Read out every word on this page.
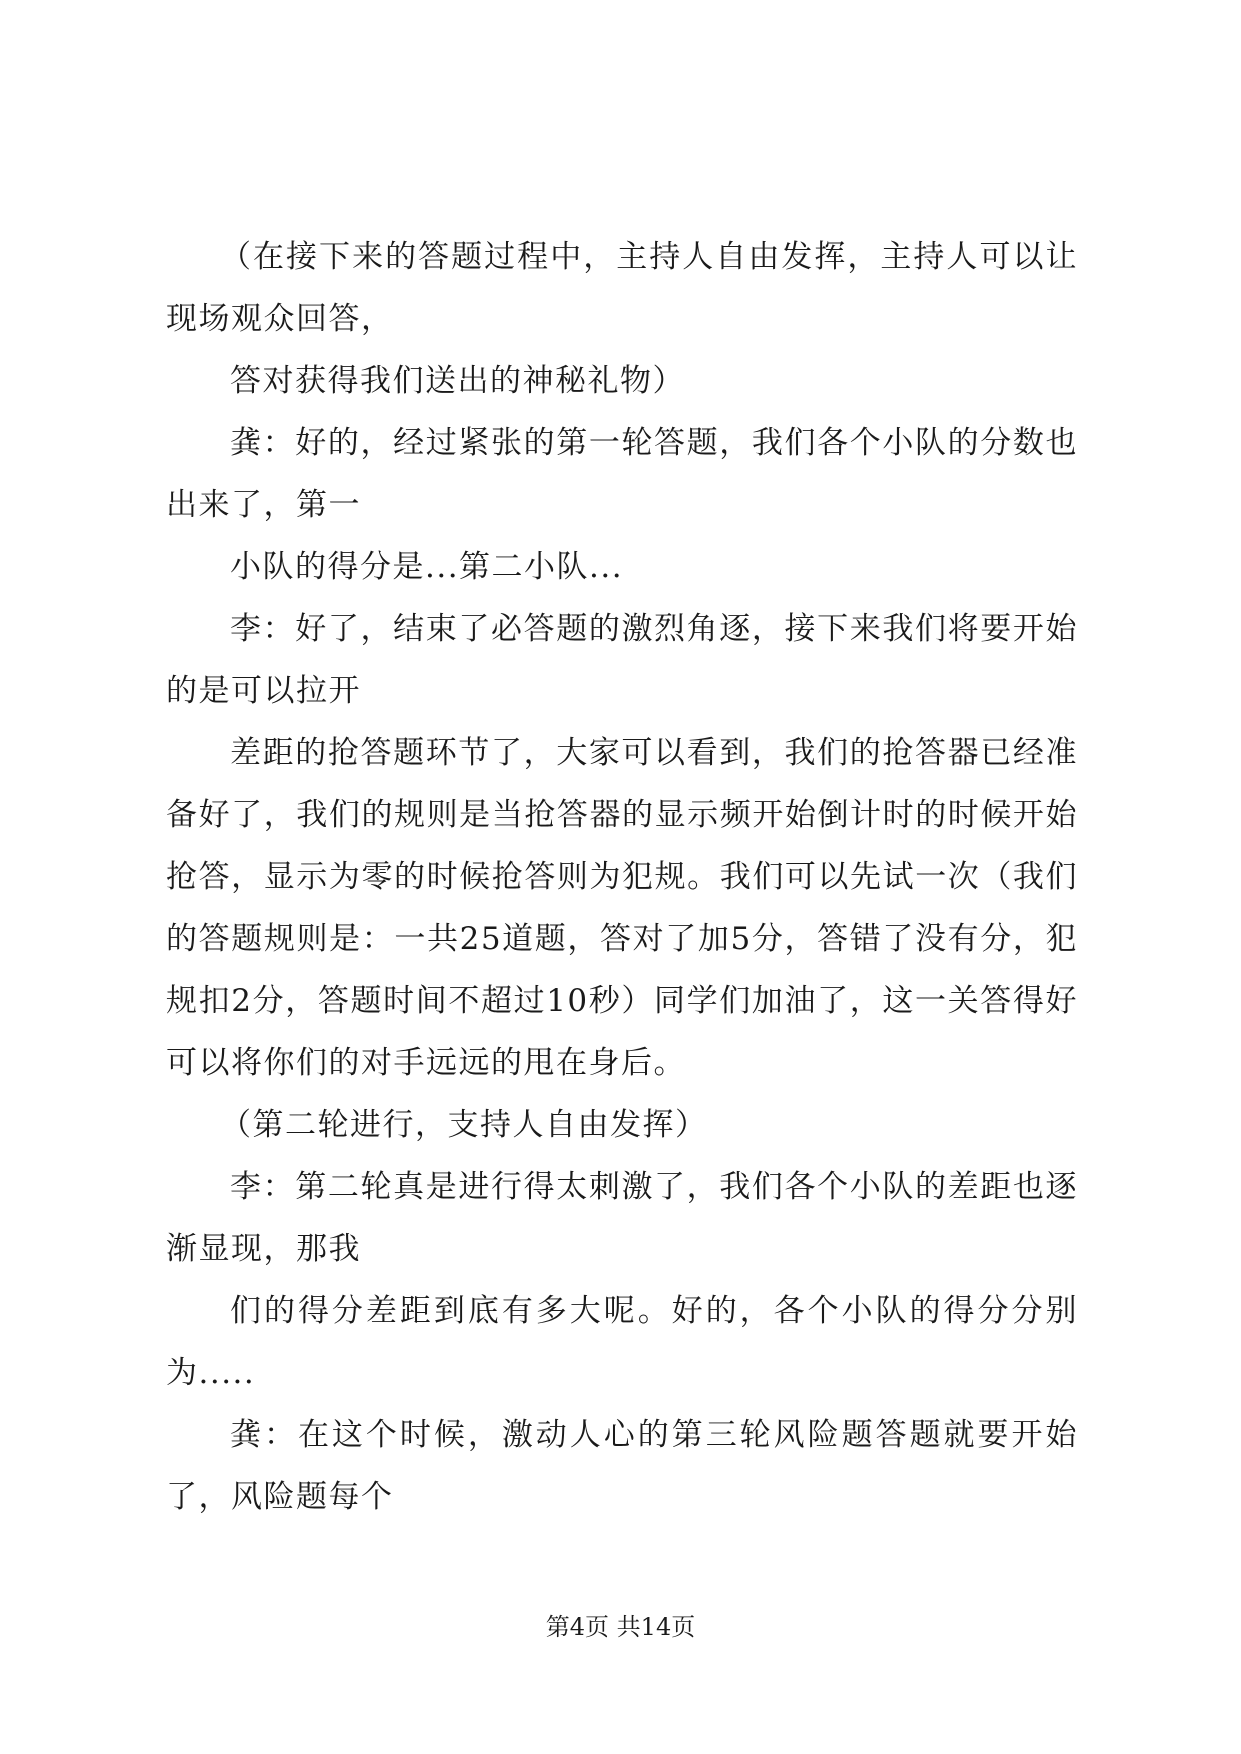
（在接下来的答题过程中，主持人自由发挥，主持人可以让现场观众回答，

答对获得我们送出的神秘礼物）

龚：好的，经过紧张的第一轮答题，我们各个小队的分数也出来了，第一

小队的得分是...第二小队...

李：好了，结束了必答题的激烈角逐，接下来我们将要开始的是可以拉开

差距的抢答题环节了，大家可以看到，我们的抢答器已经准备好了，我们的规则是当抢答器的显示频开始倒计时的时候开始抢答，显示为零的时候抢答则为犯规。我们可以先试一次（我们的答题规则是：一共25道题，答对了加5分，答错了没有分，犯规扣2分，答题时间不超过10秒）同学们加油了，这一关答得好可以将你们的对手远远的甩在身后。

（第二轮进行，支持人自由发挥）

李：第二轮真是进行得太刺激了，我们各个小队的差距也逐渐显现，那我

们的得分差距到底有多大呢。好的，各个小队的得分分别为.....

龚：在这个时候，激动人心的第三轮风险题答题就要开始了，风险题每个

第4页 共14页
